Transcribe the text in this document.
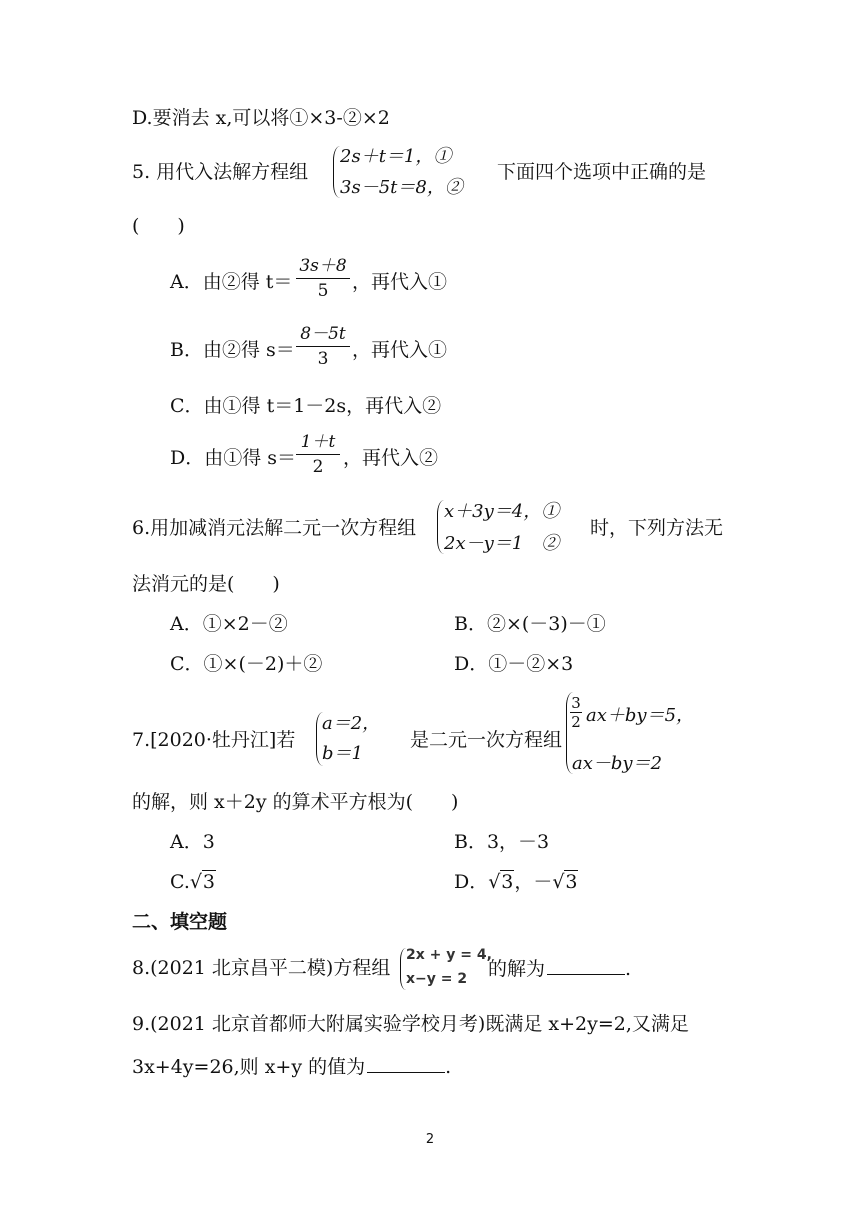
D.要消去 x,可以将①×3-②×2
5. 用代入法解方程组
2s＋t＝1，①
3s－5t＝8，②
下面四个选项中正确的是
(　　)
A．由②得 t＝
3s＋8
5	，再代入①
B．由②得 s＝
8－5t
3	，再代入①
C．由①得 t＝1－2s，再代入②
D．由①得 s＝
1＋t
2	，再代入②
6.用加减消元法解二元一次方程组
x＋3y＝4，①
2x－y＝1　②
时，下列方法无
法消元的是(　　)
A．①×2－②	B．②×(－3)－①
C．①×(－2)＋②	D．①－②×3
7.[2020·牡丹江]若
a＝2，
b＝1
是二元一次方程组
3
2 ax＋by＝5，
ax－by＝2
的解，则 x＋2y 的算术平方根为(　　)
A．3	B．3，－3
C. √ 3	D． √ 3，－ √ 3
二、填空题
8.(2021 北京昌平二模)方程组
2x + y = 4,
x−y = 2 的解为	.
9.(2021 北京首都师大附属实验学校月考)既满足 x+2y=2,又满足
3x+4y=26,则 x+y 的值为	.
2
